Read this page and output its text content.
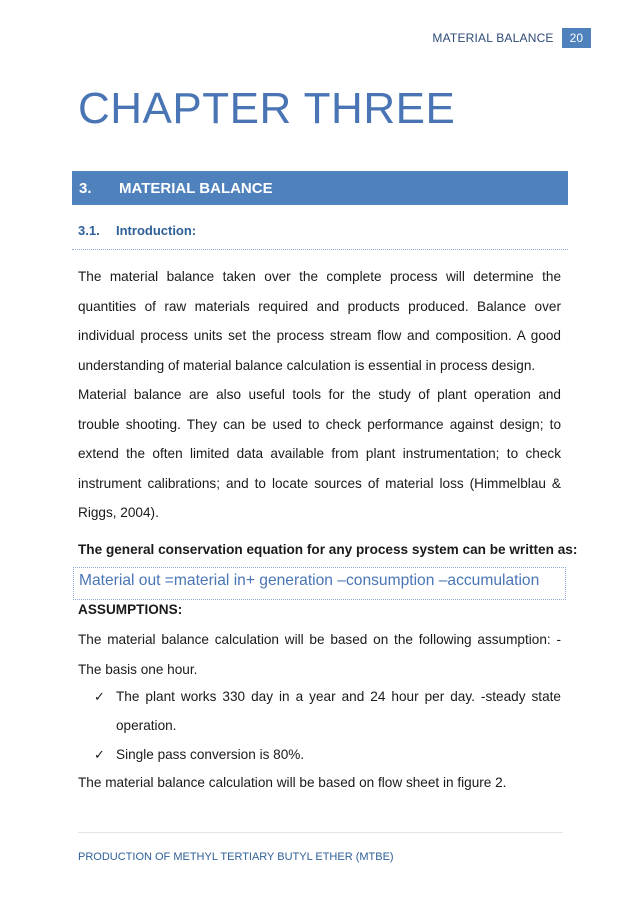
MATERIAL BALANCE	20
CHAPTER THREE
3.	MATERIAL BALANCE
3.1.	Introduction:

The material balance taken over the complete process will determine the quantities of raw materials required and products produced. Balance over individual process units set the process stream flow and composition. A good understanding of material balance calculation is essential in process design.

Material balance are also useful tools for the study of plant operation and trouble shooting. They can be used to check performance against design; to extend the often limited data available from plant instrumentation; to check instrument calibrations; and to locate sources of material loss (Himmelblau & Riggs, 2004).

The general conservation equation for any process system can be written as:
Material out =material in+ generation –consumption –accumulation
ASSUMPTIONS:
The material balance calculation will be based on the following assumption: - The basis one hour.
✓ The plant works 330 day in a year and 24 hour per day. -steady state operation.
✓ Single pass conversion is 80%.
The material balance calculation will be based on flow sheet in figure 2.
PRODUCTION OF METHYL TERTIARY BUTYL ETHER (MTBE)
